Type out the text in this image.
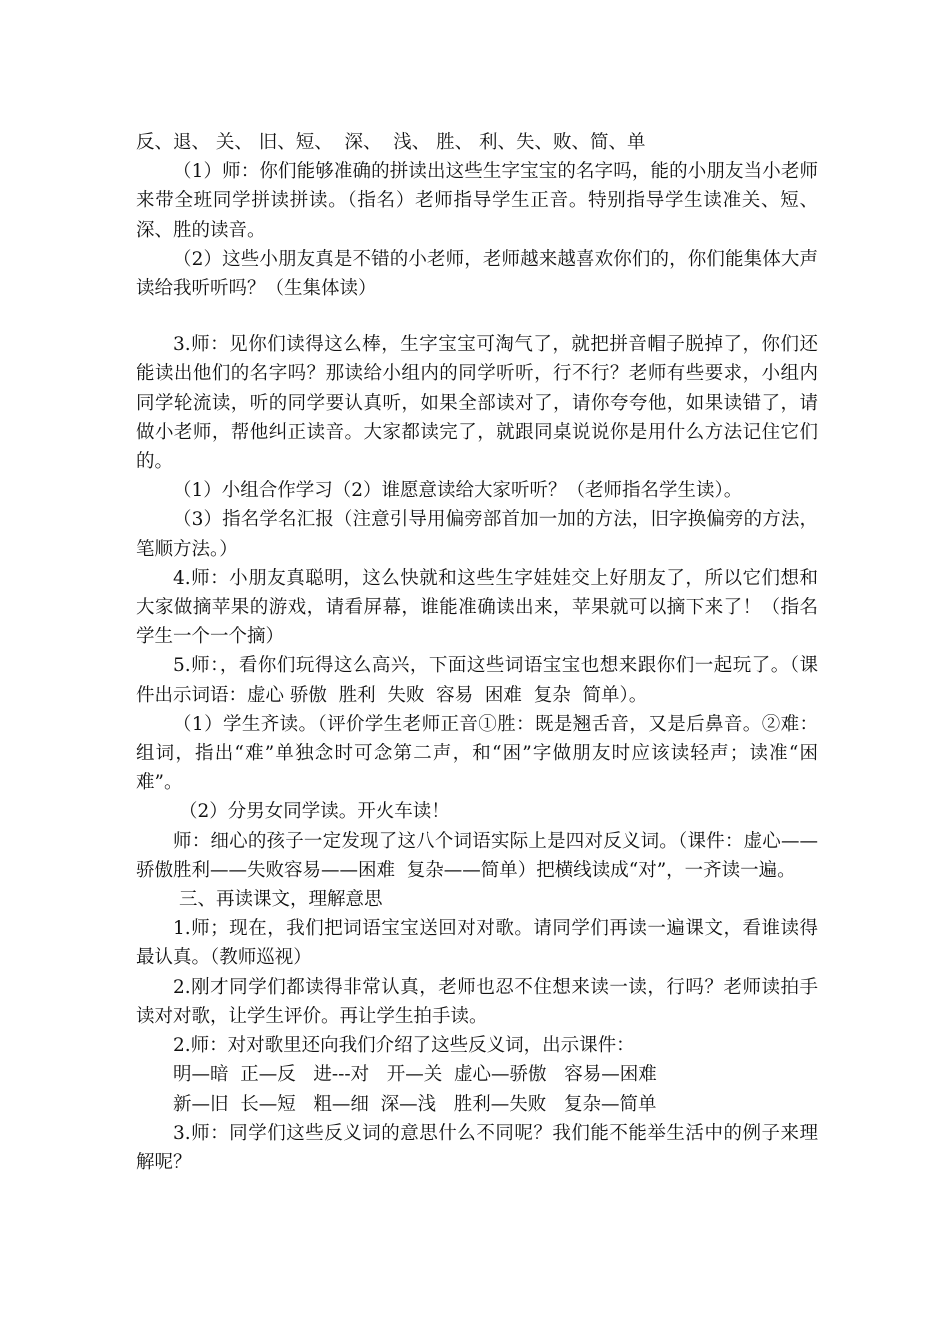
反、退、 关、 旧、短、  深、  浅、 胜、 利、失、败、简、单

（1）师：你们能够准确的拼读出这些生字宝宝的名字吗，能的小朋友当小老师来带全班同学拼读拼读。（指名）老师指导学生正音。特别指导学生读准关、短、深、胜的读音。

（2）这些小朋友真是不错的小老师，老师越来越喜欢你们的，你们能集体大声读给我听听吗？（生集体读）

3.师：见你们读得这么棒，生字宝宝可淘气了，就把拼音帽子脱掉了，你们还能读出他们的名字吗？那读给小组内的同学听听，行不行？老师有些要求，小组内同学轮流读，听的同学要认真听，如果全部读对了，请你夸夸他，如果读错了，请做小老师，帮他纠正读音。大家都读完了，就跟同桌说说你是用什么方法记住它们的。

（1）小组合作学习（2）谁愿意读给大家听听？（老师指名学生读）。

（3）指名学名汇报（注意引导用偏旁部首加一加的方法，旧字换偏旁的方法，笔顺方法。）

4.师：小朋友真聪明，这么快就和这些生字娃娃交上好朋友了，所以它们想和大家做摘苹果的游戏，请看屏幕，谁能准确读出来，苹果就可以摘下来了！（指名学生一个一个摘）

5.师：，看你们玩得这么高兴，下面这些词语宝宝也想来跟你们一起玩了。（课件出示词语：虚心 骄傲  胜利  失败  容易  困难  复杂  简单）。

（1）学生齐读。（评价学生老师正音①胜：既是翘舌音，又是后鼻音。②难：组词，指出“难”单独念时可念第二声，和“困”字做朋友时应该读轻声；读准“困难”。

（2）分男女同学读。开火车读！

师：细心的孩子一定发现了这八个词语实际上是四对反义词。（课件：虚心——骄傲胜利——失败容易——困难  复杂——简单）把横线读成“对”，一齐读一遍。

三、再读课文，理解意思

1.师；现在，我们把词语宝宝送回对对歌。请同学们再读一遍课文，看谁读得最认真。（教师巡视）

2.刚才同学们都读得非常认真，老师也忍不住想来读一读，行吗？老师读拍手读对对歌，让学生评价。再让学生拍手读。

2.师：对对歌里还向我们介绍了这些反义词，出示课件：

明—暗  正—反   进---对   开—关  虚心—骄傲   容易—困难

新—旧  长—短   粗—细  深—浅   胜利—失败   复杂—简单

3.师：同学们这些反义词的意思什么不同呢？我们能不能举生活中的例子来理解呢？
